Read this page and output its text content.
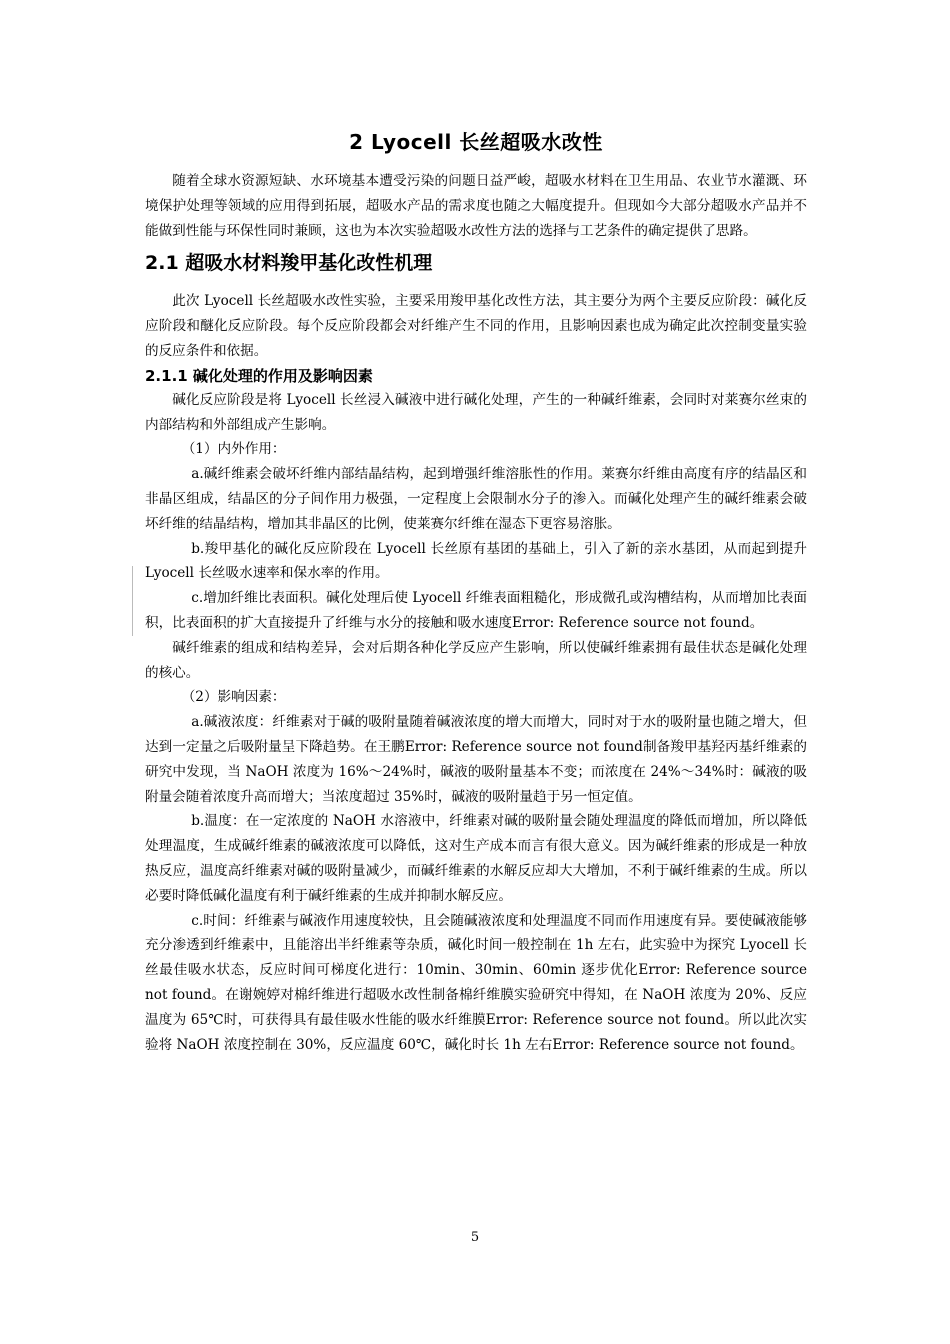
2 Lyocell 长丝超吸水改性

随着全球水资源短缺、水环境基本遭受污染的问题日益严峻，超吸水材料在卫生用品、农业节水灌溉、环境保护处理等领域的应用得到拓展，超吸水产品的需求度也随之大幅度提升。但现如今大部分超吸水产品并不能做到性能与环保性同时兼顾，这也为本次实验超吸水改性方法的选择与工艺条件的确定提供了思路。

2.1 超吸水材料羧甲基化改性机理

此次 Lyocell 长丝超吸水改性实验，主要采用羧甲基化改性方法，其主要分为两个主要反应阶段：碱化反应阶段和醚化反应阶段。每个反应阶段都会对纤维产生不同的作用，且影响因素也成为确定此次控制变量实验的反应条件和依据。

2.1.1 碱化处理的作用及影响因素

碱化反应阶段是将 Lyocell 长丝浸入碱液中进行碱化处理，产生的一种碱纤维素，会同时对莱赛尔丝束的内部结构和外部组成产生影响。

（1）内外作用：

a.碱纤维素会破坏纤维内部结晶结构，起到增强纤维溶胀性的作用。莱赛尔纤维由高度有序的结晶区和非晶区组成，结晶区的分子间作用力极强，一定程度上会限制水分子的渗入。而碱化处理产生的碱纤维素会破坏纤维的结晶结构，增加其非晶区的比例，使莱赛尔纤维在湿态下更容易溶胀。

b.羧甲基化的碱化反应阶段在 Lyocell 长丝原有基团的基础上，引入了新的亲水基团，从而起到提升 Lyocell 长丝吸水速率和保水率的作用。

c.增加纤维比表面积。碱化处理后使 Lyocell 纤维表面粗糙化，形成微孔或沟槽结构，从而增加比表面积，比表面积的扩大直接提升了纤维与水分的接触和吸水速度Error: Reference source not found。

碱纤维素的组成和结构差异，会对后期各种化学反应产生影响，所以使碱纤维素拥有最佳状态是碱化处理的核心。

（2）影响因素：

a.碱液浓度：纤维素对于碱的吸附量随着碱液浓度的增大而增大，同时对于水的吸附量也随之增大，但达到一定量之后吸附量呈下降趋势。在王鹏Error: Reference source not found制备羧甲基羟丙基纤维素的研究中发现，当 NaOH 浓度为 16%～24%时，碱液的吸附量基本不变；而浓度在 24%～34%时：碱液的吸附量会随着浓度升高而增大；当浓度超过 35%时，碱液的吸附量趋于另一恒定值。

b.温度：在一定浓度的 NaOH 水溶液中，纤维素对碱的吸附量会随处理温度的降低而增加，所以降低处理温度，生成碱纤维素的碱液浓度可以降低，这对生产成本而言有很大意义。因为碱纤维素的形成是一种放热反应，温度高纤维素对碱的吸附量减少，而碱纤维素的水解反应却大大增加，不利于碱纤维素的生成。所以必要时降低碱化温度有利于碱纤维素的生成并抑制水解反应。

c.时间：纤维素与碱液作用速度较快，且会随碱液浓度和处理温度不同而作用速度有异。要使碱液能够充分渗透到纤维素中，且能溶出半纤维素等杂质，碱化时间一般控制在 1h 左右，此实验中为探究 Lyocell 长丝最佳吸水状态，反应时间可梯度化进行：10min、30min、60min 逐步优化Error: Reference source not found。在谢婉婷对棉纤维进行超吸水改性制备棉纤维膜实验研究中得知，在 NaOH 浓度为 20%、反应温度为 65℃时，可获得具有最佳吸水性能的吸水纤维膜Error: Reference source not found。所以此次实验将 NaOH 浓度控制在 30%，反应温度 60℃，碱化时长 1h 左右Error: Reference source not found。

5
